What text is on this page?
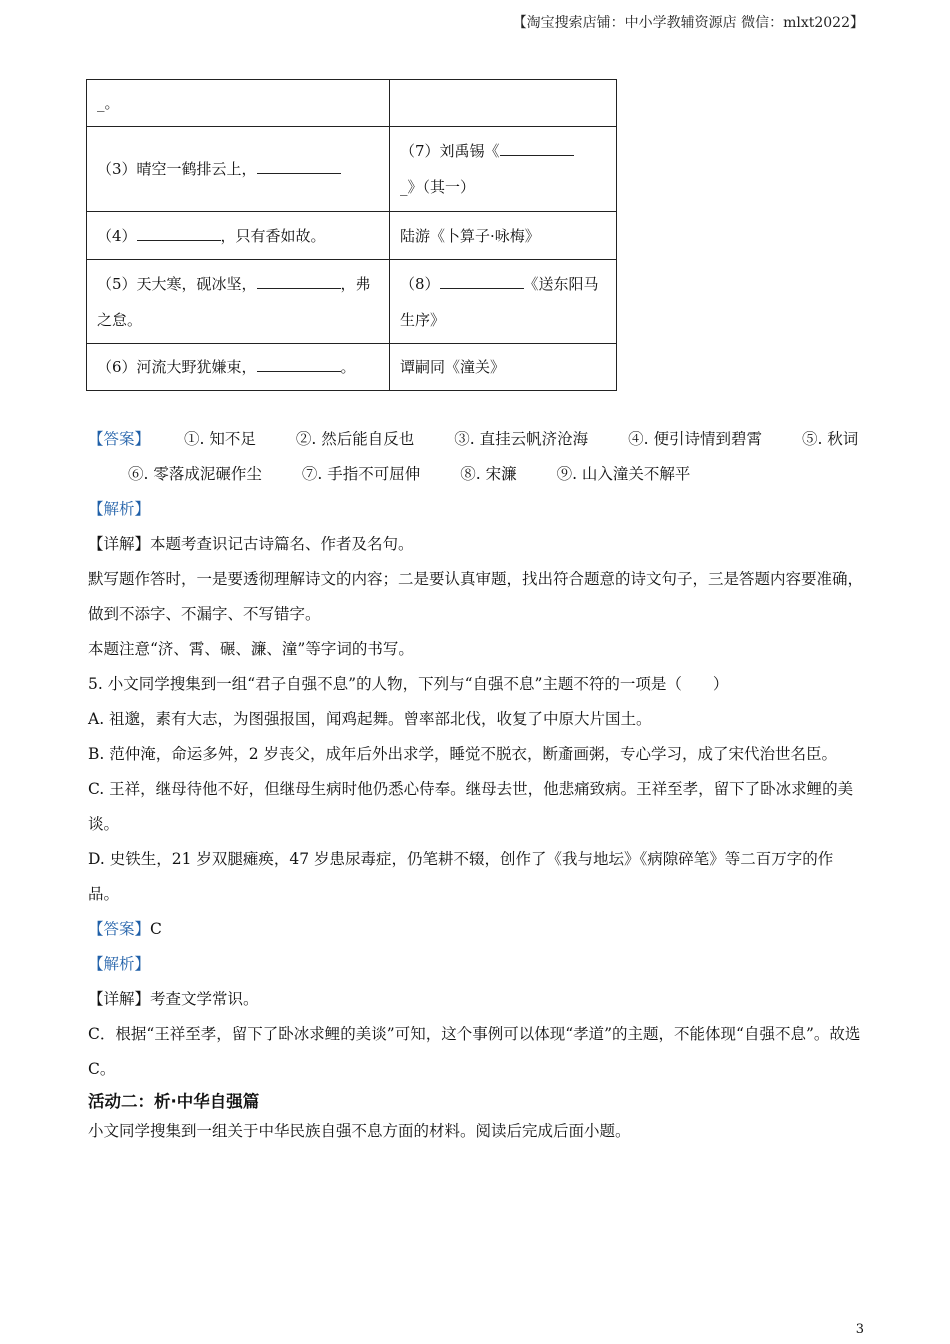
【淘宝搜索店铺：中小学教辅资源店 微信：mlxt2022】
_。	
（3）晴空一鹤排云上，	（7）刘禹锡《
_》（其一）
（4） ，只有香如故。	陆游《卜算子·咏梅》
（5）天大寒，砚冰坚， ，弗之怠。	（8） 《送东阳马生序》
（6）河流大野犹嫌束， 。	谭嗣同《潼关》

【答案】 ①. 知不足	②. 然后能自反也	③. 直挂云帆济沧海	④. 便引诗情到碧霄	⑤. 秋词

⑥. 零落成泥碾作尘	⑦. 手指不可屈伸	⑧. 宋濂	⑨. 山入潼关不解平

【解析】

【详解】本题考查识记古诗篇名、作者及名句。

默写题作答时，一是要透彻理解诗文的内容；二是要认真审题，找出符合题意的诗文句子，三是答题内容要准确，做到不添字、不漏字、不写错字。

本题注意“济、霄、碾、濂、潼”等字词的书写。

5. 小文同学搜集到一组“君子自强不息”的人物，下列与“自强不息”主题不符的一项是（　　）

A. 祖邈，素有大志，为图强报国，闻鸡起舞。曾率部北伐，收复了中原大片国土。

B. 范仲淹，命运多舛，2 岁丧父，成年后外出求学，睡觉不脱衣，断齑画粥，专心学习，成了宋代治世名臣。

C. 王祥，继母待他不好，但继母生病时他仍悉心侍奉。继母去世，他悲痛致病。王祥至孝，留下了卧冰求鲤的美谈。

D. 史铁生，21 岁双腿瘫痪，47 岁患尿毒症，仍笔耕不辍，创作了《我与地坛》《病隙碎笔》等二百万字的作品。

【答案】C

【解析】

【详解】考查文学常识。

C．根据“王祥至孝，留下了卧冰求鲤的美谈”可知，这个事例可以体现“孝道”的主题，不能体现“自强不息”。故选 C。

活动二：析·中华自强篇

小文同学搜集到一组关于中华民族自强不息方面的材料。阅读后完成后面小题。

3
